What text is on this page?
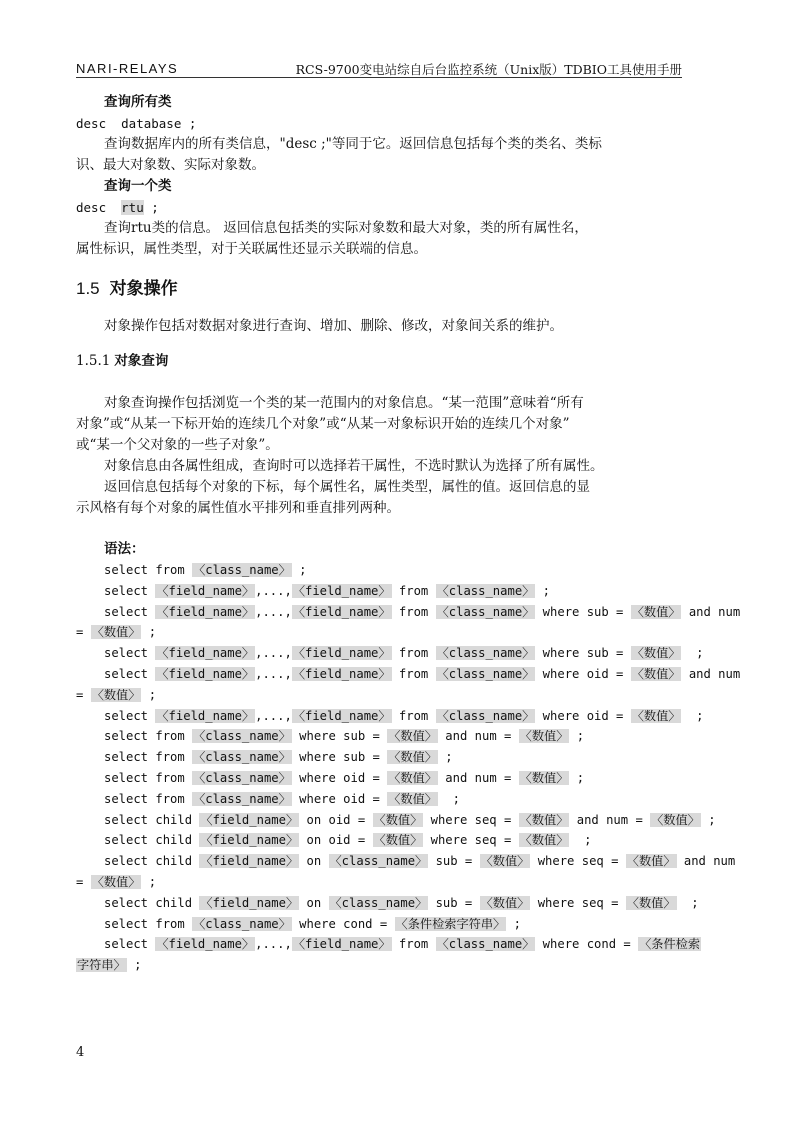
NARI-RELAYS	RCS-9700变电站综自后台监控系统（Unix版）TDBIO工具使用手册
查询所有类
desc  database ;
查询数据库内的所有类信息，"desc ;"等同于它。返回信息包括每个类的类名、类标
识、最大对象数、实际对象数。
查询一个类
desc  rtu ;
查询rtu类的信息。 返回信息包括类的实际对象数和最大对象，类的所有属性名，
属性标识，属性类型，对于关联属性还显示关联端的信息。
1.5 对象操作
对象操作包括对数据对象进行查询、增加、删除、修改，对象间关系的维护。
1.5.1 对象查询
对象查询操作包括浏览一个类的某一范围内的对象信息。“某一范围”意味着“所有
对象”或“从某一下标开始的连续几个对象”或“从某一对象标识开始的连续几个对象”
或“某一个父对象的一些子对象”。
对象信息由各属性组成，查询时可以选择若干属性，不选时默认为选择了所有属性。
返回信息包括每个对象的下标，每个属性名，属性类型，属性的值。返回信息的显
示风格有每个对象的属性值水平排列和垂直排列两种。
语法：
select from 〈class_name〉 ;
select 〈field_name〉,...,〈field_name〉 from 〈class_name〉 ;
select 〈field_name〉,...,〈field_name〉 from 〈class_name〉 where sub = 〈数值〉 and num
= 〈数值〉 ;
select 〈field_name〉,...,〈field_name〉 from 〈class_name〉 where sub = 〈数值〉  ;
select 〈field_name〉,...,〈field_name〉 from 〈class_name〉 where oid = 〈数值〉 and num
= 〈数值〉 ;
select 〈field_name〉,...,〈field_name〉 from 〈class_name〉 where oid = 〈数值〉  ;
select from 〈class_name〉 where sub = 〈数值〉 and num = 〈数值〉 ;
select from 〈class_name〉 where sub = 〈数值〉 ;
select from 〈class_name〉 where oid = 〈数值〉 and num = 〈数值〉 ;
select from 〈class_name〉 where oid = 〈数值〉  ;
select child 〈field_name〉 on oid = 〈数值〉 where seq = 〈数值〉 and num = 〈数值〉 ;
select child 〈field_name〉 on oid = 〈数值〉 where seq = 〈数值〉  ;
select child 〈field_name〉 on 〈class_name〉 sub = 〈数值〉 where seq = 〈数值〉 and num
= 〈数值〉 ;
select child 〈field_name〉 on 〈class_name〉 sub = 〈数值〉 where seq = 〈数值〉  ;
select from 〈class_name〉 where cond = 〈条件检索字符串〉 ;
select 〈field_name〉,...,〈field_name〉 from 〈class_name〉 where cond = 〈条件检索
字符串〉 ;
4
